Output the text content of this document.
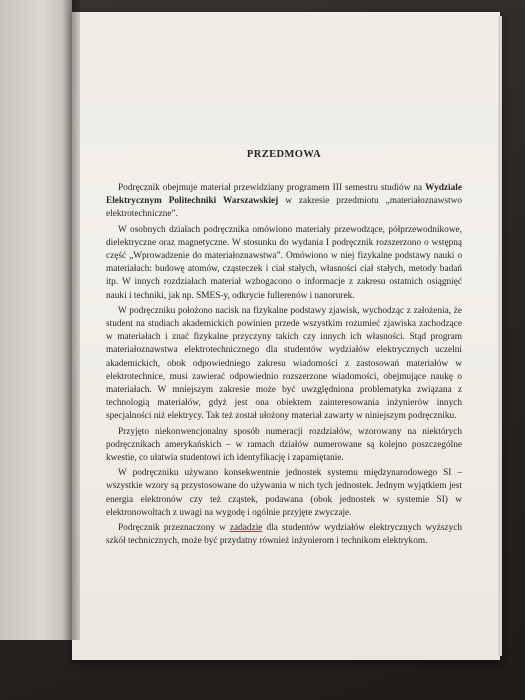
PRZEDMOWA

Podręcznik obejmuje materiał przewidziany programem III semestru studiów na Wydziale Elektrycznym Politechniki Warszawskiej w zakresie przedmiotu „materiałoznawstwo elektrotechniczne”.

W osobnych działach podręcznika omówiono materiały przewodzące, półprzewodnikowe, dielektryczne oraz magnetyczne. W stosunku do wydania I podręcznik rozszerzono o wstępną część „Wprowadzenie do materiałoznawstwa”. Omówiono w niej fizykalne podstawy nauki o materiałach: budowę atomów, cząsteczek i ciał stałych, własności ciał stałych, metody badań itp. W innych rozdziałach materiał wzbogacono o informacje z zakresu ostatnich osiągnięć nauki i techniki, jak np. SMES-y, odkrycie fullerenów i nanorurek.

W podręczniku położono nacisk na fizykalne podstawy zjawisk, wychodząc z założenia, że student na studiach akademickich powinien przede wszystkim rozumieć zjawiska zachodzące w materiałach i znać fizykalne przyczyny takich czy innych ich własności. Stąd program materiałoznawstwa elektrotechnicznego dla studentów wydziałów elektrycznych uczelni akademickich, obok odpowiedniego zakresu wiadomości z zastosowań materiałów w elektrotechnice, musi zawierać odpowiednio rozszerzone wiadomości, obejmujące naukę o materiałach. W mniejszym zakresie może być uwzględniona problematyka związana z technologią materiałów, gdyż jest ona obiektem zainteresowania inżynierów innych specjalności niż elektrycy. Tak też został ułożony materiał zawarty w niniejszym podręczniku.

Przyjęto niekonwencjonalny sposób numeracji rozdziałów, wzorowany na niektórych podręcznikach amerykańskich – w ramach działów numerowane są kolejno poszczególne kwestie, co ułatwia studentowi ich identyfikację i zapamiętanie.

W podręczniku używano konsekwentnie jednostek systemu międzynarodowego SI – wszystkie wzory są przystosowane do używania w nich tych jednostek. Jednym wyjątkiem jest energia elektronów czy też cząstek, podawana (obok jednostek w systemie SI) w elektronowoltach z uwagi na wygodę i ogólnie przyjęte zwyczaje.

Podręcznik przeznaczony w zadadzie dla studentów wydziałów elektrycznych wyższych szkół technicznych, może być przydatny również inżynierom i technikom elektrykom.
